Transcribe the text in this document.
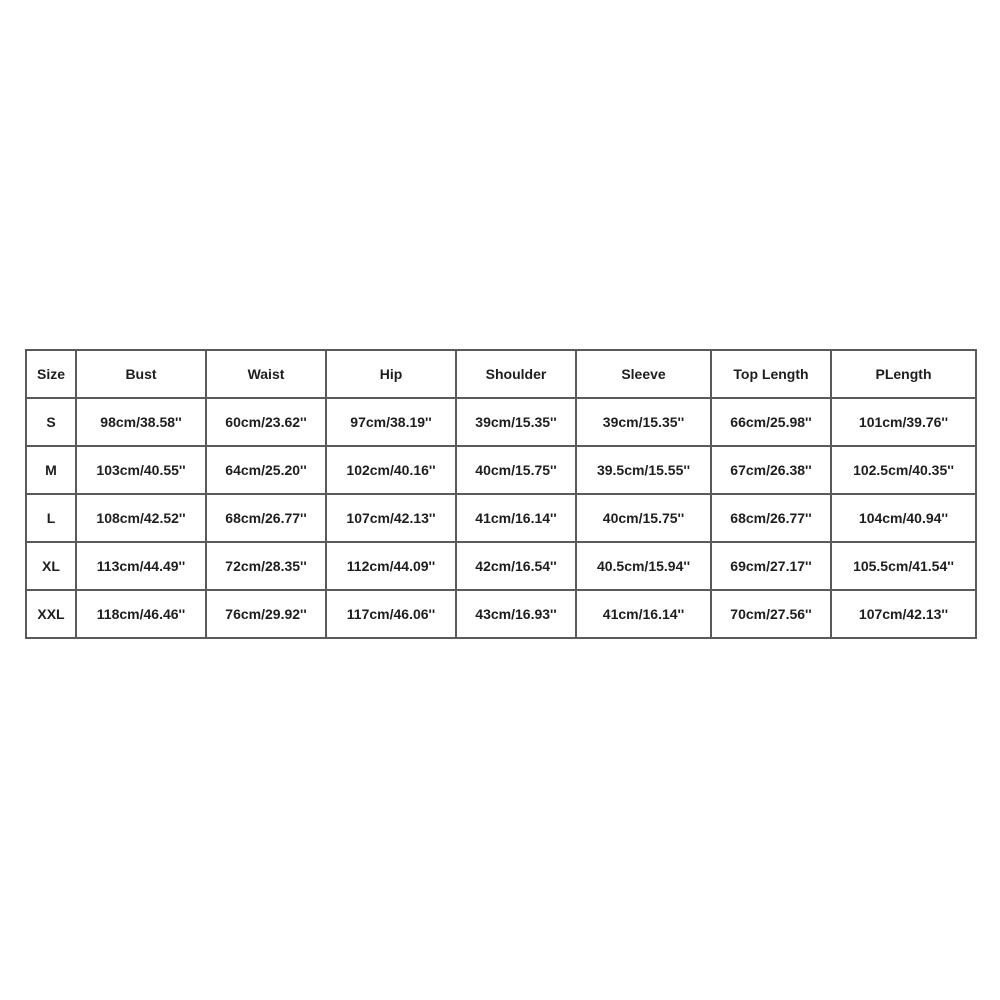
Size	Bust	Waist	Hip	Shoulder	Sleeve	Top Length	PLength
S	98cm/38.58''	60cm/23.62''	97cm/38.19''	39cm/15.35''	39cm/15.35''	66cm/25.98''	101cm/39.76''
M	103cm/40.55''	64cm/25.20''	102cm/40.16''	40cm/15.75''	39.5cm/15.55''	67cm/26.38''	102.5cm/40.35''
L	108cm/42.52''	68cm/26.77''	107cm/42.13''	41cm/16.14''	40cm/15.75''	68cm/26.77''	104cm/40.94''
XL	113cm/44.49''	72cm/28.35''	112cm/44.09''	42cm/16.54''	40.5cm/15.94''	69cm/27.17''	105.5cm/41.54''
XXL	118cm/46.46''	76cm/29.92''	117cm/46.06''	43cm/16.93''	41cm/16.14''	70cm/27.56''	107cm/42.13''
